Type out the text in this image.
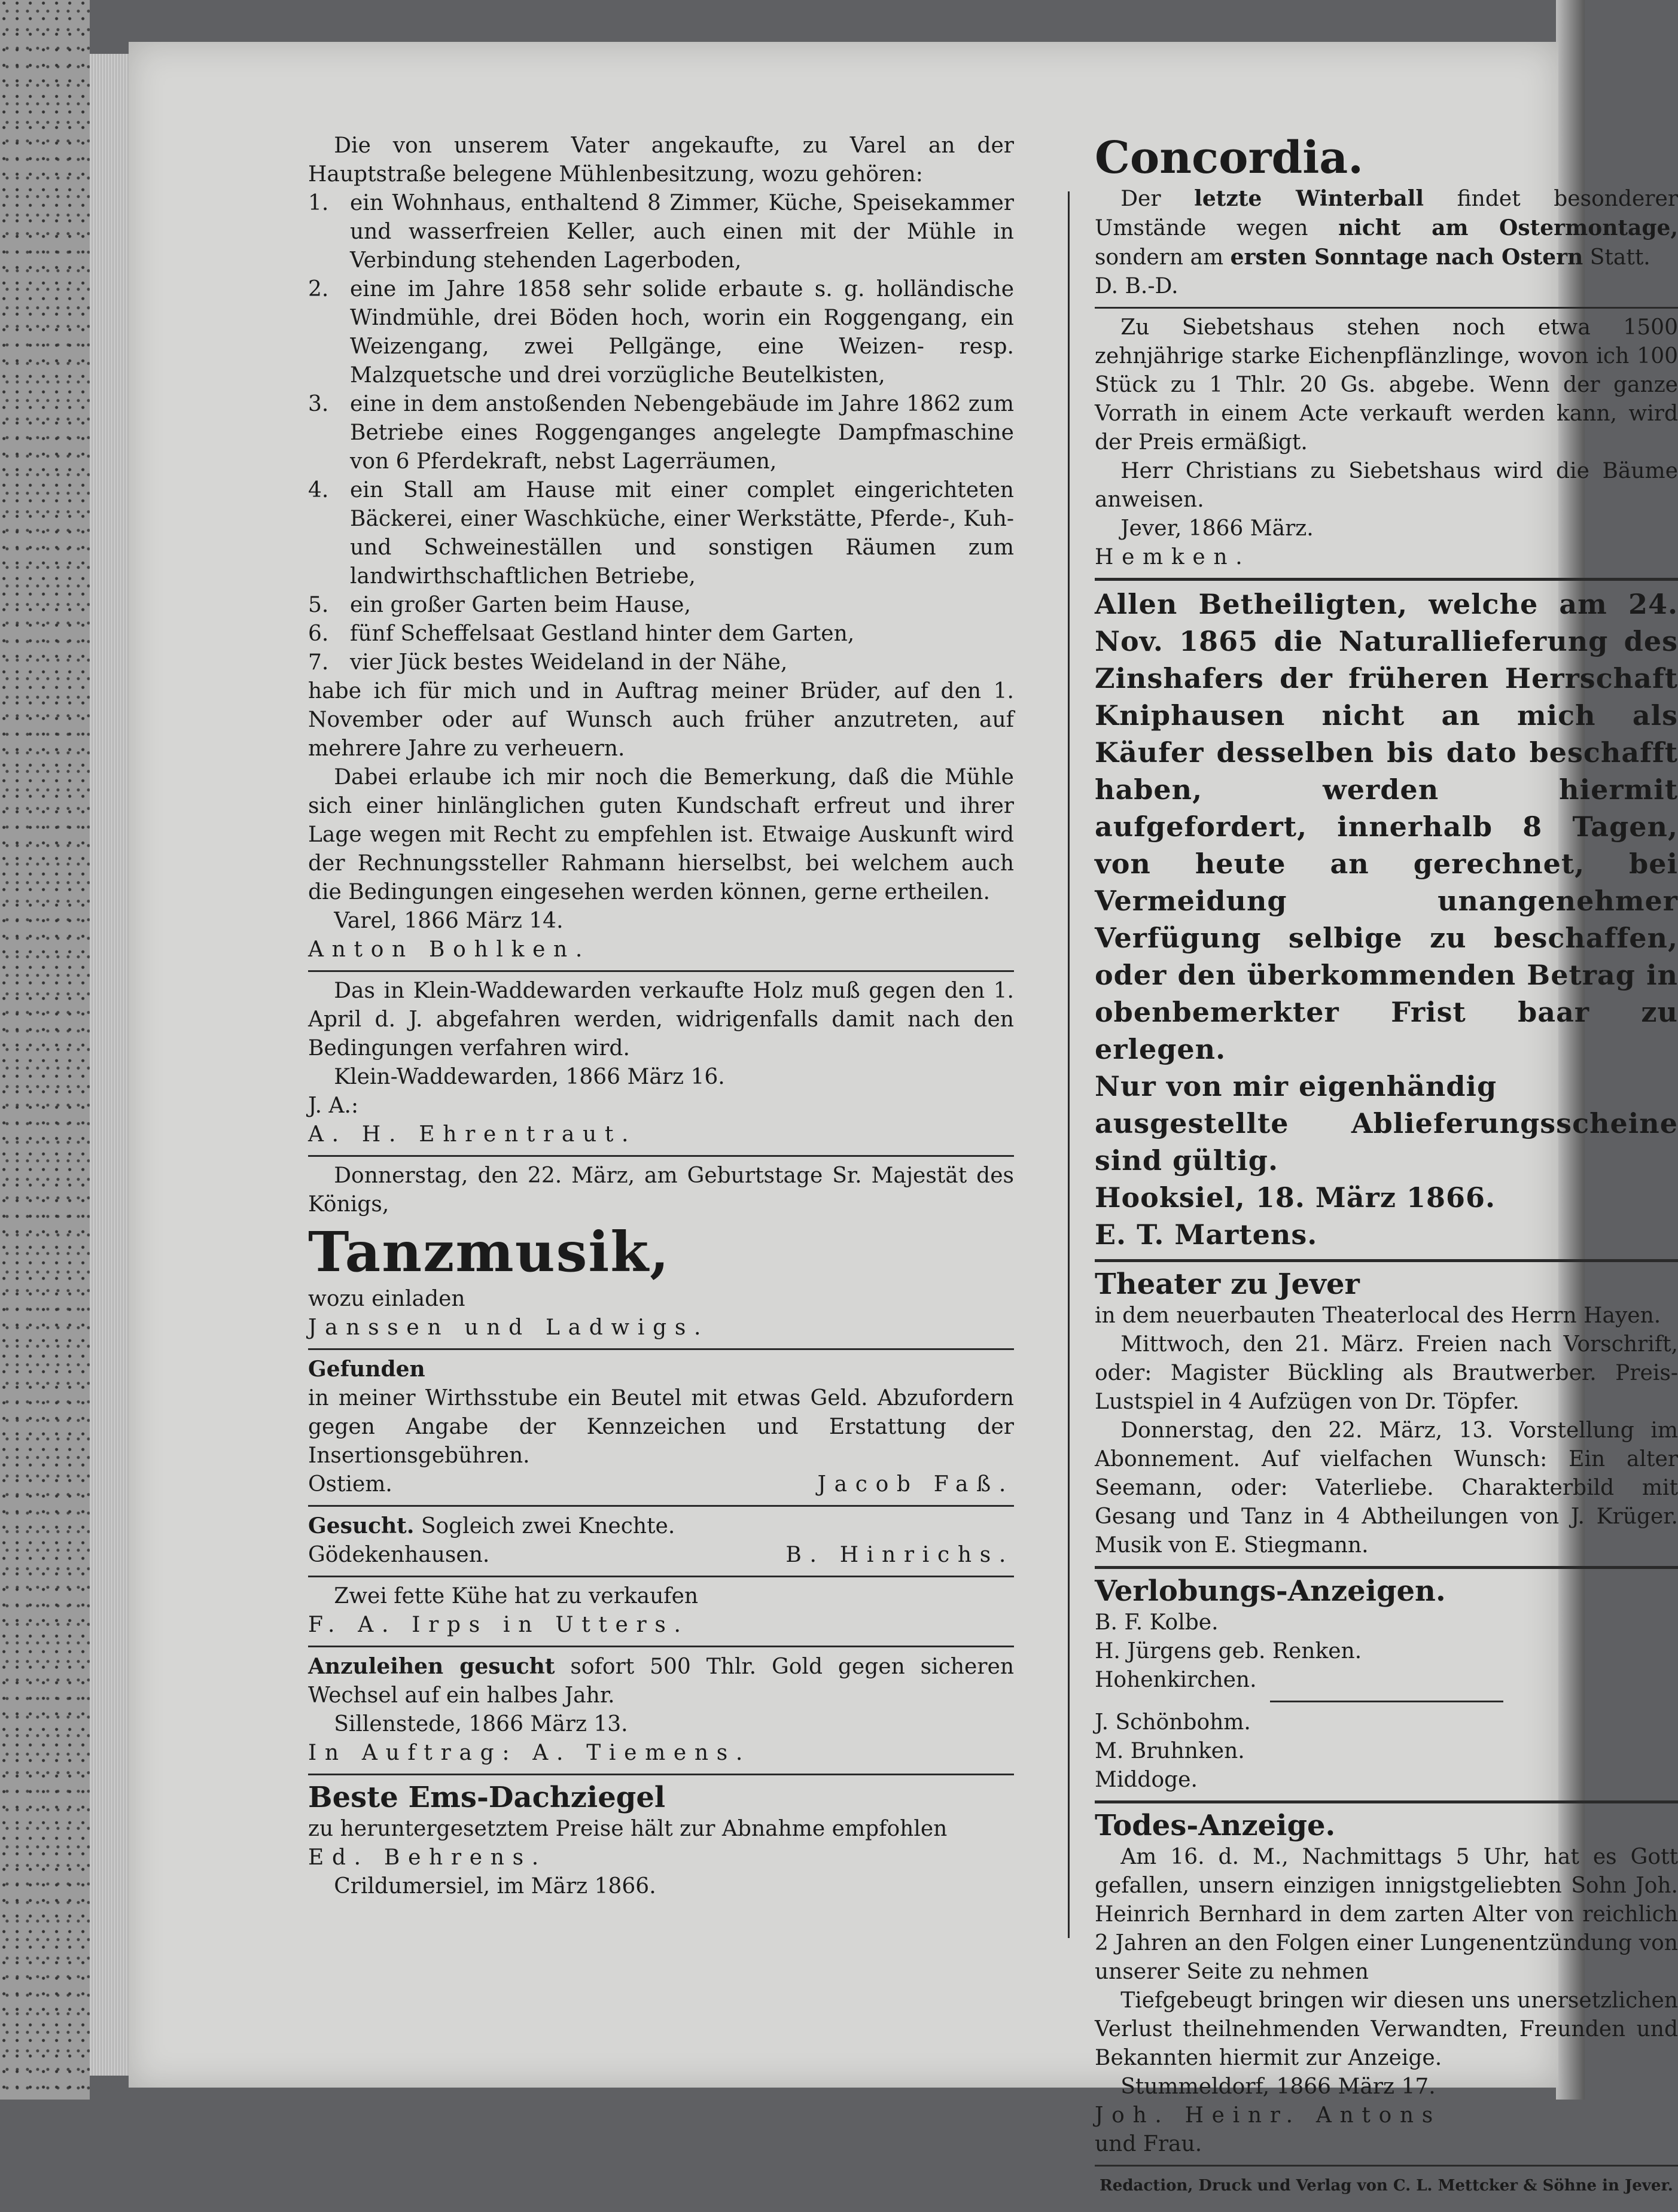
Die von unserem Vater angekaufte, zu Varel an der Hauptstraße belegene Mühlenbesitzung, wozu gehören:

1. ein Wohnhaus, enthaltend 8 Zimmer, Küche, Speisekammer und wasserfreien Keller, auch einen mit der Mühle in Verbindung stehenden Lagerboden,
2. eine im Jahre 1858 sehr solide erbaute s. g. holländische Windmühle, drei Böden hoch, worin ein Roggengang, ein Weizengang, zwei Pellgänge, eine Weizen- resp. Malzquetsche und drei vorzügliche Beutelkisten,
3. eine in dem anstoßenden Nebengebäude im Jahre 1862 zum Betriebe eines Roggenganges angelegte Dampfmaschine von 6 Pferdekraft, nebst Lagerräumen,
4. ein Stall am Hause mit einer complet eingerichteten Bäckerei, einer Waschküche, einer Werkstätte, Pferde-, Kuh- und Schweineställen und sonstigen Räumen zum landwirthschaftlichen Betriebe,
5. ein großer Garten beim Hause,
6. fünf Scheffelsaat Gestland hinter dem Garten,
7. vier Jück bestes Weideland in der Nähe,

habe ich für mich und in Auftrag meiner Brüder, auf den 1. November oder auf Wunsch auch früher anzutreten, auf mehrere Jahre zu verheuern.

Dabei erlaube ich mir noch die Bemerkung, daß die Mühle sich einer hinlänglichen guten Kundschaft erfreut und ihrer Lage wegen mit Recht zu empfehlen ist. Etwaige Auskunft wird der Rechnungssteller Rahmann hierselbst, bei welchem auch die Bedingungen eingesehen werden können, gerne ertheilen.

Varel, 1866 März 14.

Anton Bohlken.

Das in Klein-Waddewarden verkaufte Holz muß gegen den 1. April d. J. abgefahren werden, widrigenfalls damit nach den Bedingungen verfahren wird.

Klein-Waddewarden, 1866 März 16.

J. A.:

A. H. Ehrentraut.

Donnerstag, den 22. März, am Geburtstage Sr. Majestät des Königs,

Tanzmusik,

wozu einladen

Janssen und Ladwigs.

Gefunden

in meiner Wirthsstube ein Beutel mit etwas Geld. Abzufordern gegen Angabe der Kennzeichen und Erstattung der Insertionsgebühren.

Ostiem.	Jacob Faß.

Gesucht. Sogleich zwei Knechte.

Gödekenhausen.	B. Hinrichs.

Zwei fette Kühe hat zu verkaufen

F. A. Irps in Utters.

Anzuleihen gesucht sofort 500 Thlr. Gold gegen sicheren Wechsel auf ein halbes Jahr.

Sillenstede, 1866 März 13.

In Auftrag: A. Tiemens.

Beste Ems-Dachziegel

zu heruntergesetztem Preise hält zur Abnahme empfohlen

Ed. Behrens.

Crildumersiel, im März 1866.

Concordia.

Der letzte Winterball findet besonderer Umstände wegen nicht am Ostermontage, sondern am ersten Sonntage nach Ostern Statt.

D. B.-D.

Zu Siebetshaus stehen noch etwa 1500 zehnjährige starke Eichenpflänzlinge, wovon ich 100 Stück zu 1 Thlr. 20 Gs. abgebe. Wenn der ganze Vorrath in einem Acte verkauft werden kann, wird der Preis ermäßigt.

Herr Christians zu Siebetshaus wird die Bäume anweisen.

Jever, 1866 März.

Hemken.

Allen Betheiligten, welche am 24. Nov. 1865 die Naturallieferung des Zinshafers der früheren Herrschaft Kniphausen nicht an mich als Käufer desselben bis dato beschafft haben, werden hiermit aufgefordert, innerhalb 8 Tagen, von heute an gerechnet, bei Vermeidung unangenehmer Verfügung selbige zu beschaffen, oder den überkommenden Betrag in obenbemerkter Frist baar zu erlegen.

Nur von mir eigenhändig

ausgestellte Ablieferungsscheine sind gültig.

Hooksiel, 18. März 1866.

E. T. Martens.

Theater zu Jever

in dem neuerbauten Theaterlocal des Herrn Hayen.

Mittwoch, den 21. März. Freien nach Vorschrift, oder: Magister Bückling als Brautwerber. Preis-Lustspiel in 4 Aufzügen von Dr. Töpfer.

Donnerstag, den 22. März, 13. Vorstellung im Abonnement. Auf vielfachen Wunsch: Ein alter Seemann, oder: Vaterliebe. Charakterbild mit Gesang und Tanz in 4 Abtheilungen von J. Krüger. Musik von E. Stiegmann.

Verlobungs-Anzeigen.

B. F. Kolbe.

H. Jürgens geb. Renken.

Hohenkirchen.

J. Schönbohm.

M. Bruhnken.

Middoge.

Todes-Anzeige.

Am 16. d. M., Nachmittags 5 Uhr, hat es Gott gefallen, unsern einzigen innigstgeliebten Sohn Joh. Heinrich Bernhard in dem zarten Alter von reichlich 2 Jahren an den Folgen einer Lungenentzündung von unserer Seite zu nehmen

Tiefgebeugt bringen wir diesen uns unersetzlichen Verlust theilnehmenden Verwandten, Freunden und Bekannten hiermit zur Anzeige.

Stummeldorf, 1866 März 17.

Joh. Heinr. Antons

und Frau.

Redaction, Druck und Verlag von C. L. Mettcker & Söhne in Jever.
